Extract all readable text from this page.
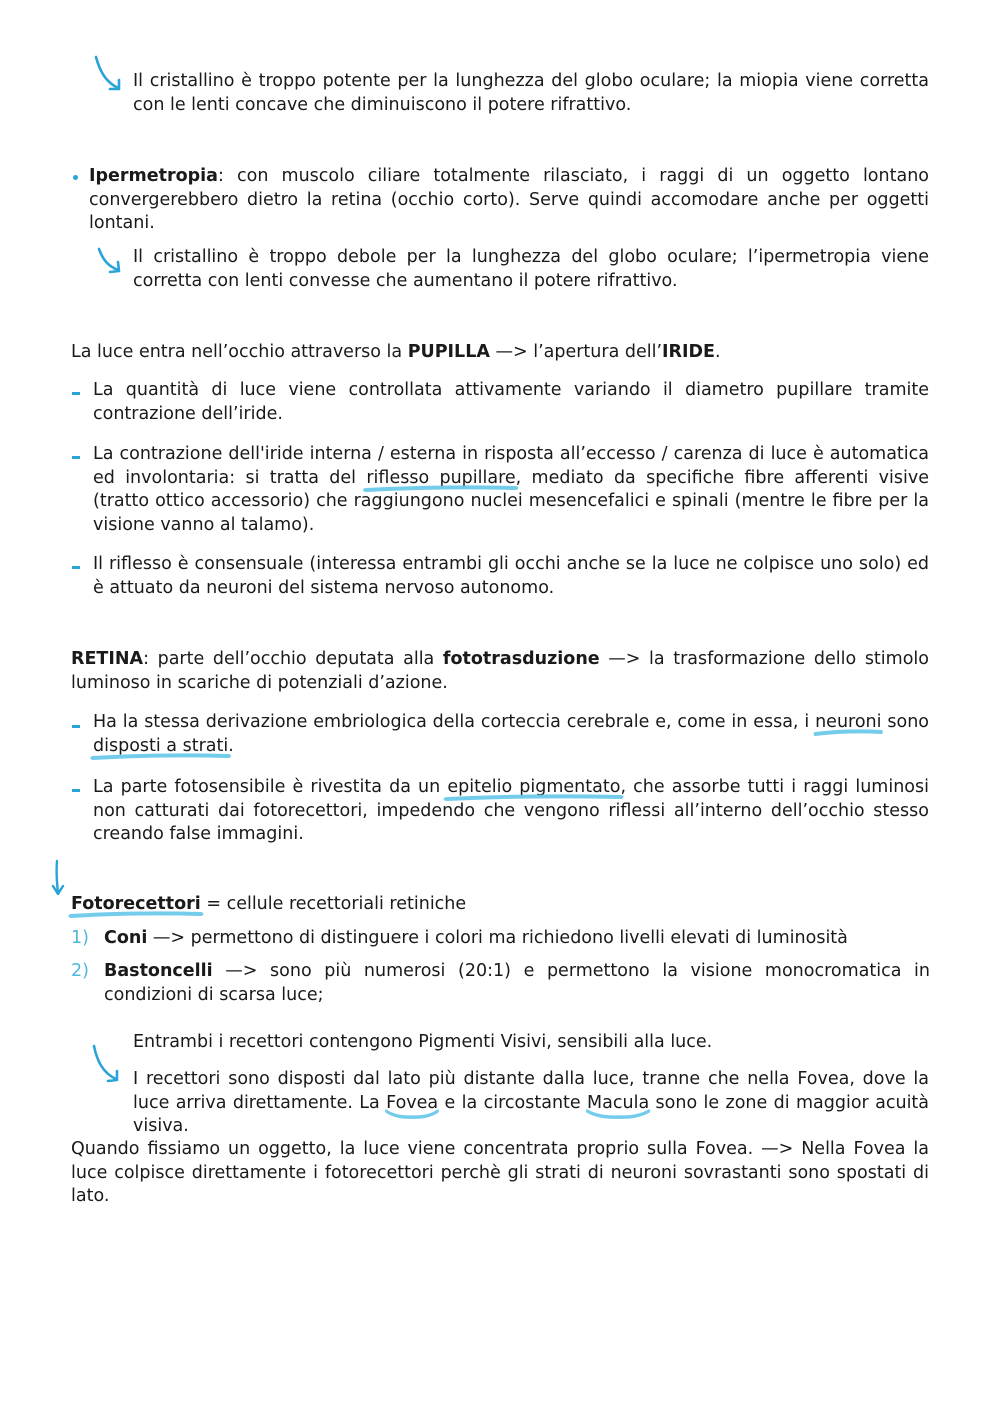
Il cristallino è troppo potente per la lunghezza del globo oculare; la miopia viene corretta con le lenti concave che diminuiscono il potere rifrattivo.
Ipermetropia: con muscolo ciliare totalmente rilasciato, i raggi di un oggetto lontano convergerebbero dietro la retina (occhio corto). Serve quindi accomodare anche per oggetti lontani.
Il cristallino è troppo debole per la lunghezza del globo oculare; l’ipermetropia viene corretta con lenti convesse che aumentano il potere rifrattivo.
La luce entra nell’occhio attraverso la PUPILLA —> l’apertura dell’IRIDE.
La quantità di luce viene controllata attivamente variando il diametro pupillare tramite contrazione dell’iride.
La contrazione dell'iride interna / esterna in risposta all’eccesso / carenza di luce è automatica ed involontaria: si tratta del riflesso pupillare
, mediato da specifiche fibre afferenti visive (tratto ottico accessorio) che raggiungono nuclei mesencefalici e spinali (mentre le fibre per la visione vanno al talamo).
Il riflesso è consensuale (interessa entrambi gli occhi anche se la luce ne colpisce uno solo) ed è attuato da neuroni del sistema nervoso autonomo.
RETINA: parte dell’occhio deputata alla fototrasduzione —> la trasformazione dello stimolo luminoso in scariche di potenziali d’azione.
Ha la stessa derivazione embriologica della corteccia cerebrale e, come in essa, i neuroni
sono disposti a strati
.
La parte fotosensibile è rivestita da un epitelio pigmentato
, che assorbe tutti i raggi luminosi non catturati dai fotorecettori, impedendo che vengono riflessi all’interno dell’occhio stesso creando false immagini.
Fotorecettori
= cellule recettoriali retiniche
1) Coni —> permettono di distinguere i colori ma richiedono livelli elevati di luminosità
2) Bastoncelli —> sono più numerosi (20:1) e permettono la visione monocromatica in condizioni di scarsa luce;
Entrambi i recettori contengono Pigmenti Visivi, sensibili alla luce.
I recettori sono disposti dal lato più distante dalla luce, tranne che nella Fovea, dove la luce arriva direttamente. La Fovea
e la circostante Macula
sono le zone di maggior acuità visiva.
Quando fissiamo un oggetto, la luce viene concentrata proprio sulla Fovea. —> Nella Fovea la luce colpisce direttamente i fotorecettori perchè gli strati di neuroni sovrastanti sono spostati di lato.
